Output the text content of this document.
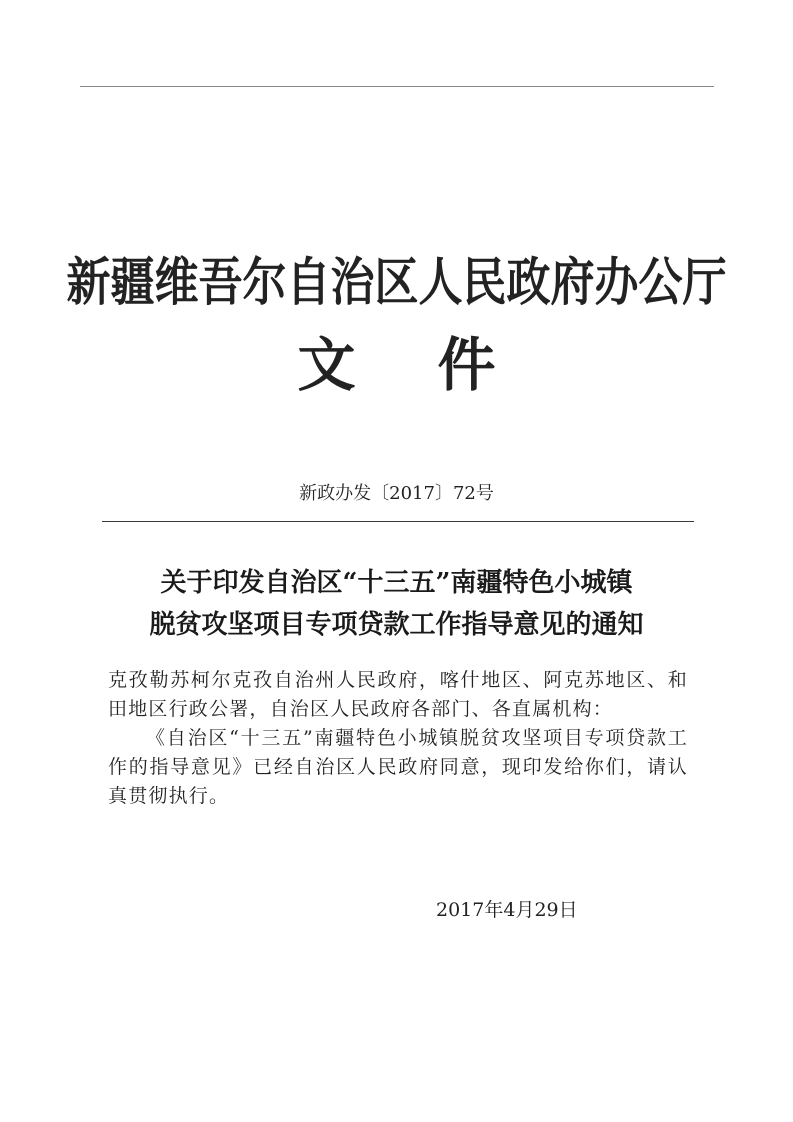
新疆维吾尔自治区人民政府办公厅
文件
新政办发〔2017〕72号
关于印发自治区“十三五”南疆特色小城镇
脱贫攻坚项目专项贷款工作指导意见的通知

克孜勒苏柯尔克孜自治州人民政府，喀什地区、阿克苏地区、和田地区行政公署，自治区人民政府各部门、各直属机构：

《自治区“十三五”南疆特色小城镇脱贫攻坚项目专项贷款工作的指导意见》已经自治区人民政府同意，现印发给你们，请认真贯彻执行。

2017年4月29日
